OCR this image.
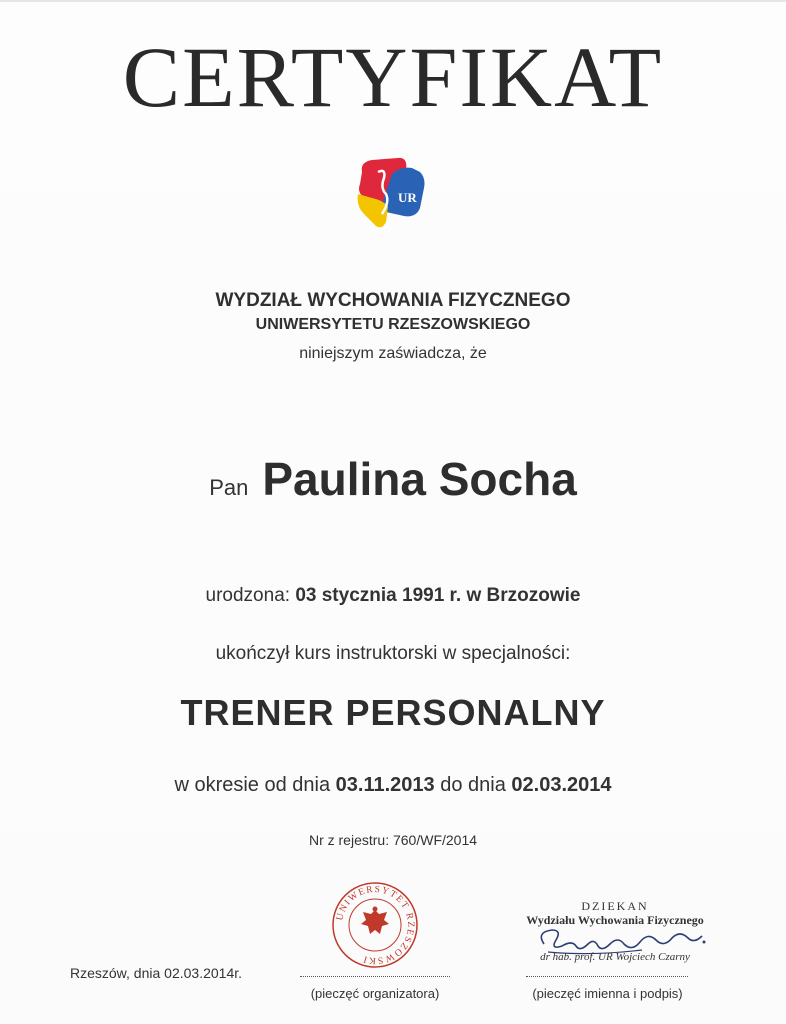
CERTYFIKAT
UR
WYDZIAŁ WYCHOWANIA FIZYCZNEGO
UNIWERSYTETU RZESZOWSKIEGO
niniejszym zaświadcza, że
Pan Paulina Socha
urodzona: 03 stycznia 1991 r. w Brzozowie
ukończył kurs instruktorski w specjalności:
TRENER PERSONALNY
w okresie od dnia 03.11.2013 do dnia 02.03.2014
Nr z rejestru: 760/WF/2014
Rzeszów, dnia 02.03.2014r.
UNIWERSYTET RZESZOWSKI
(pieczęć organizatora)
DZIEKAN
Wydziału Wychowania Fizycznego
dr hab. prof. UR Wojciech Czarny
(pieczęć imienna i podpis)
